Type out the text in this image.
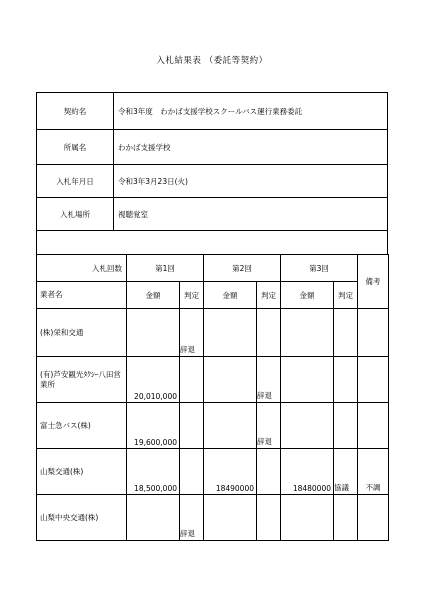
入札結果表 （委託等契約）
契約名	令和3年度　わかば支援学校スクールバス運行業務委託
所属名	わかば支援学校
入札年月日	令和3年3月23日(火)
入札場所	視聴覚室
入札回数	第1回		第2回		第3回		備考
業者名	金額	判定	金額	判定	金額	判定	
(株)栄和交通		辞退					
(有)芦安観光ﾀｸｼｰ八田営業所	20,010,000			辞退			
富士急バス(株)	19,600,000			辞退			
山梨交通(株)	18,500,000		18490000		18480000	協議	不調
山梨中央交通(株)		辞退					
